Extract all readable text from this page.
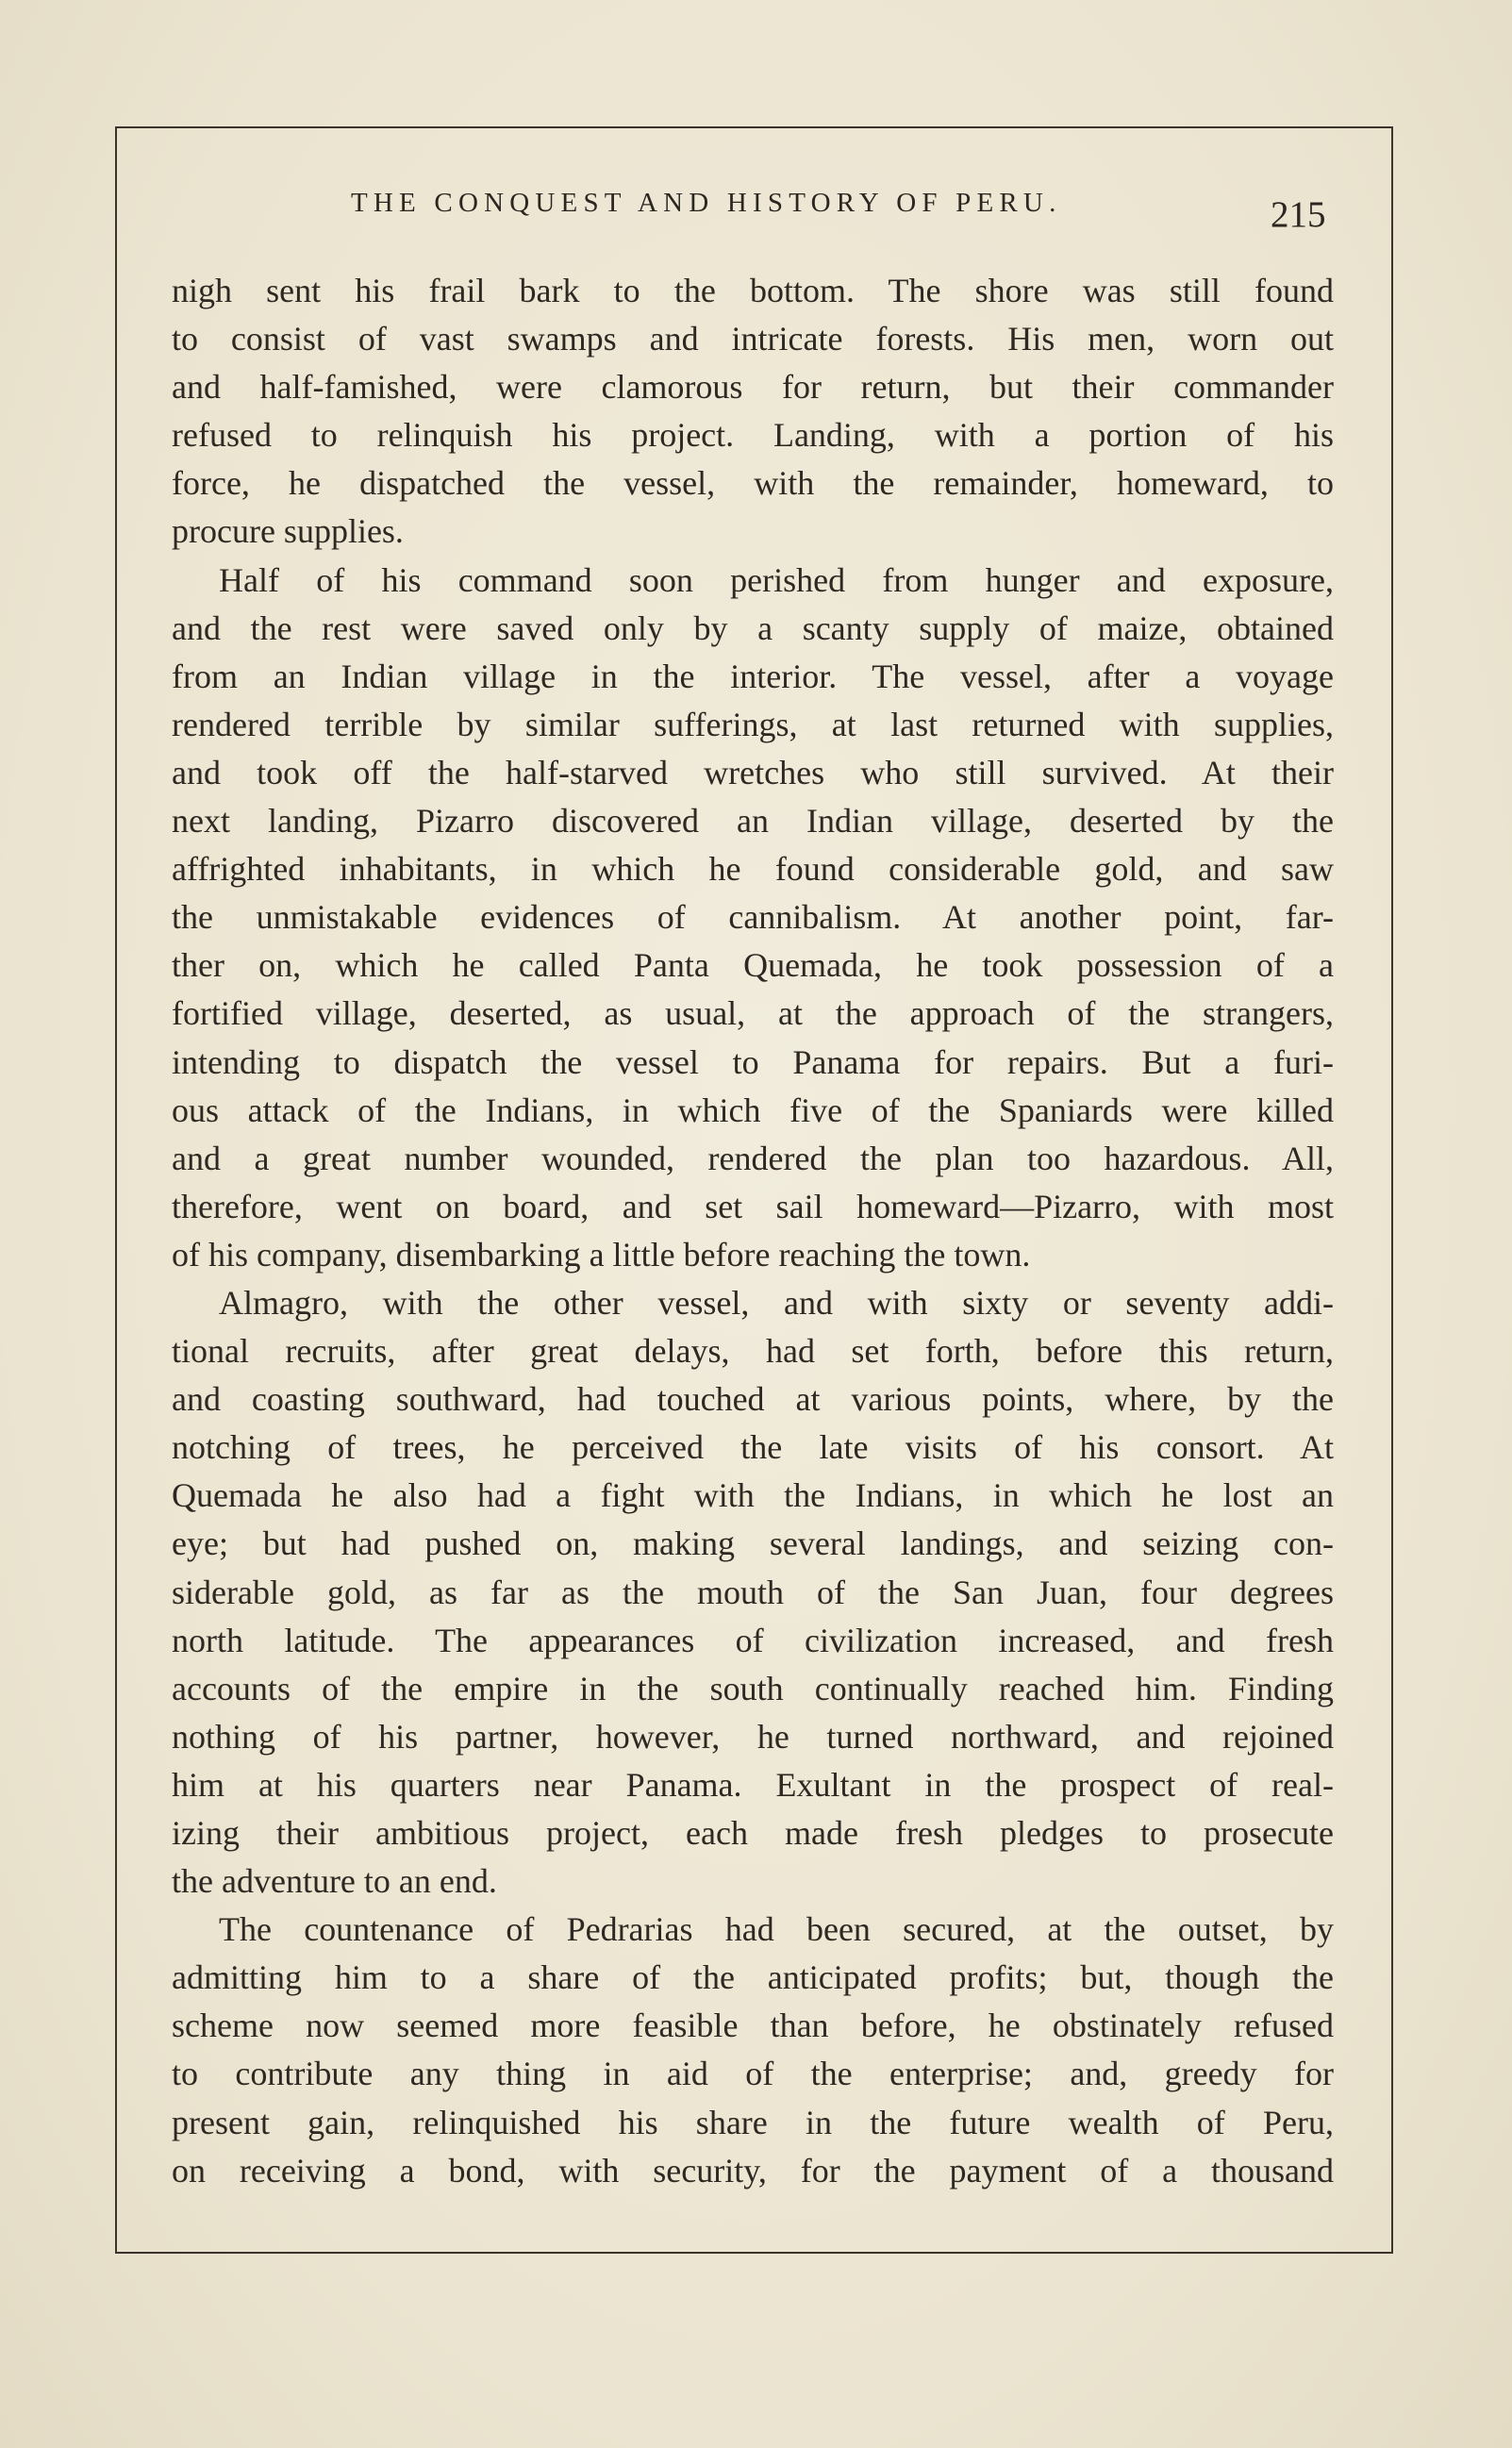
THE CONQUEST AND HISTORY OF PERU.	215
nigh sent his frail bark to the bottom. The shore was still found
to consist of vast swamps and intricate forests. His men, worn out
and half-famished, were clamorous for return, but their commander
refused to relinquish his project. Landing, with a portion of his
force, he dispatched the vessel, with the remainder, homeward, to
procure supplies.
Half of his command soon perished from hunger and exposure,
and the rest were saved only by a scanty supply of maize, obtained
from an Indian village in the interior. The vessel, after a voyage
rendered terrible by similar sufferings, at last returned with supplies,
and took off the half-starved wretches who still survived. At their
next landing, Pizarro discovered an Indian village, deserted by the
affrighted inhabitants, in which he found considerable gold, and saw
the unmistakable evidences of cannibalism. At another point, far-
ther on, which he called Panta Quemada, he took possession of a
fortified village, deserted, as usual, at the approach of the strangers,
intending to dispatch the vessel to Panama for repairs. But a furi-
ous attack of the Indians, in which five of the Spaniards were killed
and a great number wounded, rendered the plan too hazardous. All,
therefore, went on board, and set sail homeward—Pizarro, with most
of his company, disembarking a little before reaching the town.
Almagro, with the other vessel, and with sixty or seventy addi-
tional recruits, after great delays, had set forth, before this return,
and coasting southward, had touched at various points, where, by the
notching of trees, he perceived the late visits of his consort. At
Quemada he also had a fight with the Indians, in which he lost an
eye; but had pushed on, making several landings, and seizing con-
siderable gold, as far as the mouth of the San Juan, four degrees
north latitude. The appearances of civilization increased, and fresh
accounts of the empire in the south continually reached him. Finding
nothing of his partner, however, he turned northward, and rejoined
him at his quarters near Panama. Exultant in the prospect of real-
izing their ambitious project, each made fresh pledges to prosecute
the adventure to an end.
The countenance of Pedrarias had been secured, at the outset, by
admitting him to a share of the anticipated profits; but, though the
scheme now seemed more feasible than before, he obstinately refused
to contribute any thing in aid of the enterprise; and, greedy for
present gain, relinquished his share in the future wealth of Peru,
on receiving a bond, with security, for the payment of a thousand
